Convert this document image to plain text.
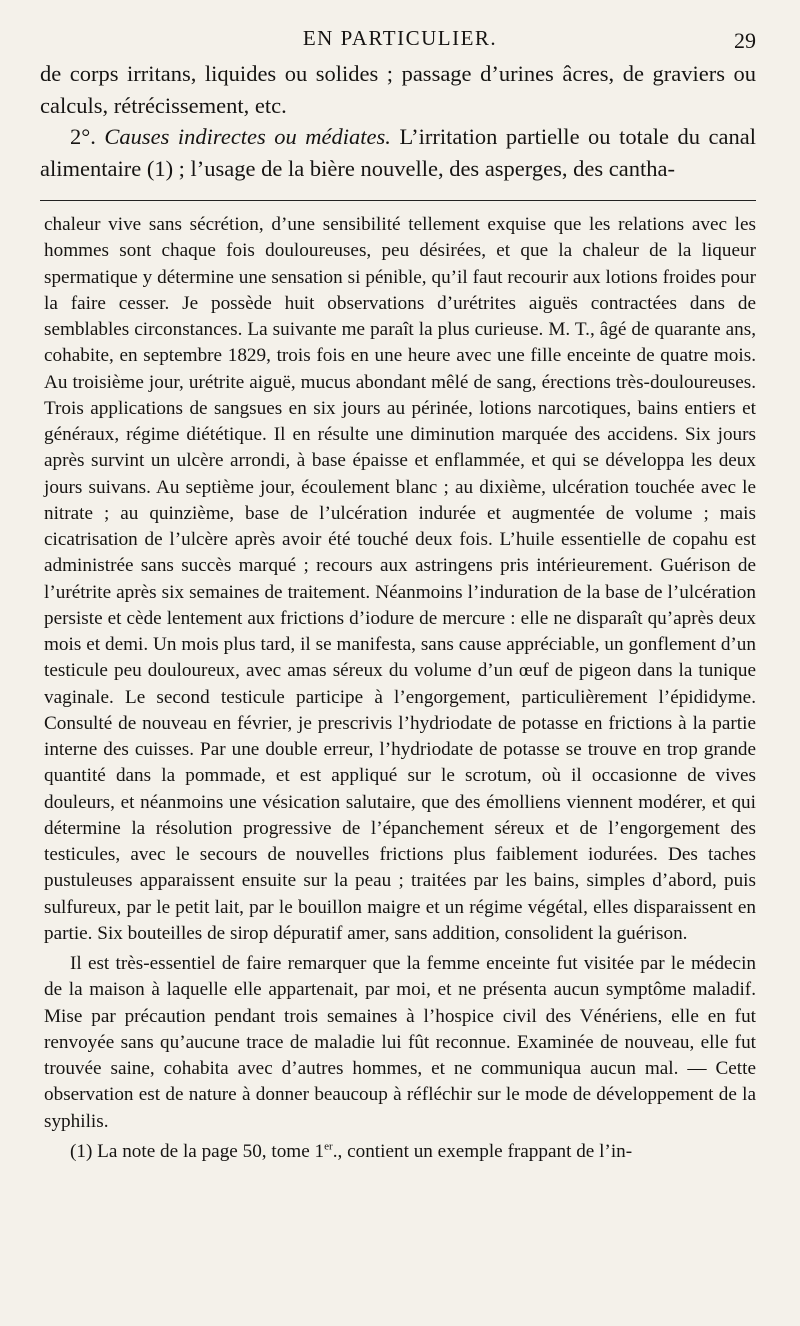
EN PARTICULIER.	29

de corps irritans, liquides ou solides ; passage d’urines âcres, de graviers ou calculs, rétrécissement, etc.

2°. Causes indirectes ou médiates. L’irritation partielle ou totale du canal alimentaire (1) ; l’usage de la bière nouvelle, des asperges, des cantha-

chaleur vive sans sécrétion, d’une sensibilité tellement exquise que les relations avec les hommes sont chaque fois douloureuses, peu désirées, et que la chaleur de la liqueur spermatique y détermine une sensation si pénible, qu’il faut recourir aux lotions froides pour la faire cesser. Je possède huit observations d’urétrites aiguës contractées dans de semblables circonstances. La suivante me paraît la plus curieuse. M. T., âgé de quarante ans, cohabite, en septembre 1829, trois fois en une heure avec une fille enceinte de quatre mois. Au troisième jour, urétrite aiguë, mucus abondant mêlé de sang, érections très-douloureuses. Trois applications de sangsues en six jours au périnée, lotions narcotiques, bains entiers et généraux, régime diététique. Il en résulte une diminution marquée des accidens. Six jours après survint un ulcère arrondi, à base épaisse et enflammée, et qui se développa les deux jours suivans. Au septième jour, écoulement blanc ; au dixième, ulcération touchée avec le nitrate ; au quinzième, base de l’ulcération indurée et augmentée de volume ; mais cicatrisation de l’ulcère après avoir été touché deux fois. L’huile essentielle de copahu est administrée sans succès marqué ; recours aux astringens pris intérieurement. Guérison de l’urétrite après six semaines de traitement. Néanmoins l’induration de la base de l’ulcération persiste et cède lentement aux frictions d’iodure de mercure : elle ne disparaît qu’après deux mois et demi. Un mois plus tard, il se manifesta, sans cause appréciable, un gonflement d’un testicule peu douloureux, avec amas séreux du volume d’un œuf de pigeon dans la tunique vaginale. Le second testicule participe à l’engorgement, particulièrement l’épididyme. Consulté de nouveau en février, je prescrivis l’hydriodate de potasse en frictions à la partie interne des cuisses. Par une double erreur, l’hydriodate de potasse se trouve en trop grande quantité dans la pommade, et est appliqué sur le scrotum, où il occasionne de vives douleurs, et néanmoins une vésication salutaire, que des émolliens viennent modérer, et qui détermine la résolution progressive de l’épanchement séreux et de l’engorgement des testicules, avec le secours de nouvelles frictions plus faiblement iodurées. Des taches pustuleuses apparaissent ensuite sur la peau ; traitées par les bains, simples d’abord, puis sulfureux, par le petit lait, par le bouillon maigre et un régime végétal, elles disparaissent en partie. Six bouteilles de sirop dépuratif amer, sans addition, consolident la guérison.

Il est très-essentiel de faire remarquer que la femme enceinte fut visitée par le médecin de la maison à laquelle elle appartenait, par moi, et ne présenta aucun symptôme maladif. Mise par précaution pendant trois semaines à l’hospice civil des Vénériens, elle en fut renvoyée sans qu’aucune trace de maladie lui fût reconnue. Examinée de nouveau, elle fut trouvée saine, cohabita avec d’autres hommes, et ne communiqua aucun mal. — Cette observation est de nature à donner beaucoup à réfléchir sur le mode de développement de la syphilis.

(1) La note de la page 50, tome 1er., contient un exemple frappant de l’in-
